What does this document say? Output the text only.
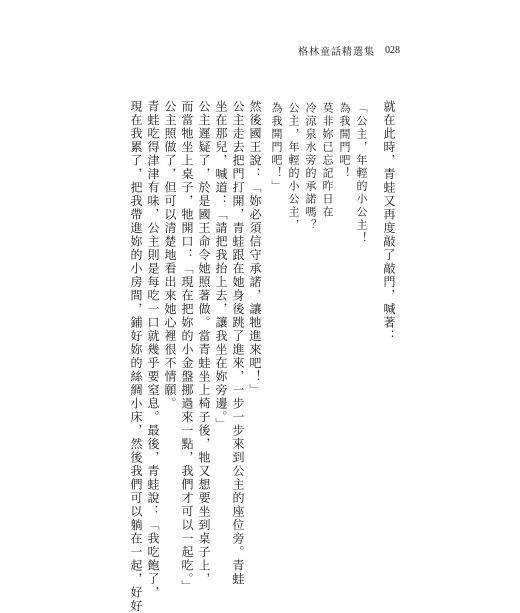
格林童話精選集 028
就在此時，青蛙又再度敲了敲門，喊著：
「公主，年輕的小公主！
為我開門吧！
莫非妳已忘記昨日在
冷涼泉水旁的承諾嗎？
公主，年輕的小公主，
為我開門吧！」
然後國王說：「妳必須信守承諾，讓牠進來吧！」
公主走去把門打開，青蛙跟在她身後跳了進來，一步一步來到公主的座位旁。青蛙
坐在那兒，喊道：「請把我抬上去，讓我坐在妳旁邊。」
公主遲疑了，於是國王命令她照著做。當青蛙坐上椅子後，牠又想要坐到桌子上，
而當牠坐上桌子，牠開口：「現在把妳的小金盤挪過來一點，我們才可以一起吃。」
公主照做了，但可以清楚地看出來她心裡很不情願。
青蛙吃得津津有味，公主則是每吃一口就幾乎要窒息。最後，青蛙說：「我吃飽了，
現在我累了，把我帶進妳的小房間，鋪好妳的絲綢小床，然後我們可以躺在一起，好好
